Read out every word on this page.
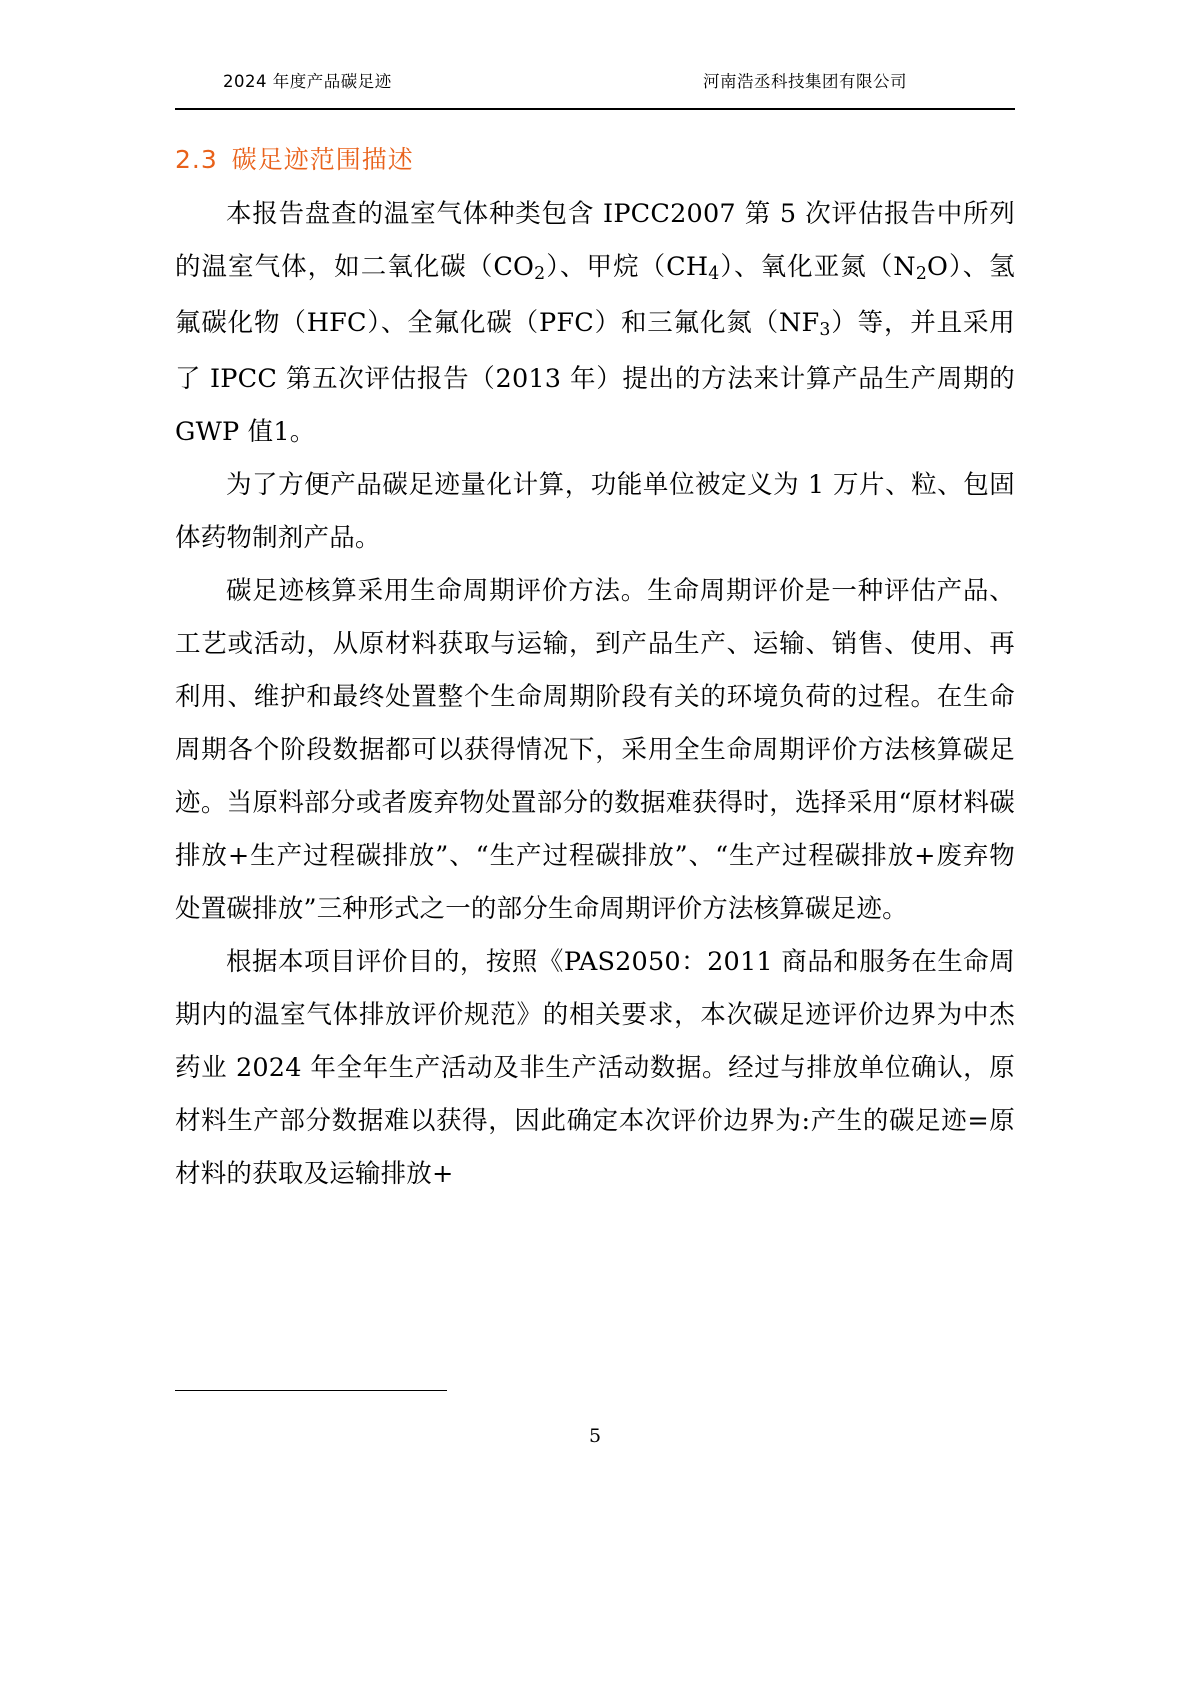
2024 年度产品碳足迹	河南浩丞科技集团有限公司
2.3 碳足迹范围描述

本报告盘查的温室气体种类包含 IPCC2007 第 5 次评估报告中所列的温室气体，如二氧化碳$(CO_2)$、甲烷$(CH_4)$、氧化亚氮$(N_2O)$、氢氟碳化物（HFC）、全氟化碳（PFC）和三氟化氮$(NF_3)$等，并且采用了 IPCC 第五次评估报告（2013 年）提出的方法来计算产品生产周期的 GWP 值1。

为了方便产品碳足迹量化计算，功能单位被定义为 1 万片、粒、包固体药物制剂产品。

碳足迹核算采用生命周期评价方法。生命周期评价是一种评估产品、工艺或活动，从原材料获取与运输，到产品生产、运输、销售、使用、再利用、维护和最终处置整个生命周期阶段有关的环境负荷的过程。在生命周期各个阶段数据都可以获得情况下，采用全生命周期评价方法核算碳足迹。当原料部分或者废弃物处置部分的数据难获得时，选择采用“原材料碳排放+生产过程碳排放”、“生产过程碳排放”、“生产过程碳排放+废弃物处置碳排放”三种形式之一的部分生命周期评价方法核算碳足迹。

根据本项目评价目的，按照《PAS2050：2011 商品和服务在生命周期内的温室气体排放评价规范》的相关要求，本次碳足迹评价边界为中杰药业 2024 年全年生产活动及非生产活动数据。经过与排放单位确认，原材料生产部分数据难以获得，因此确定本次评价边界为:产生的碳足迹=原材料的获取及运输排放+

5
